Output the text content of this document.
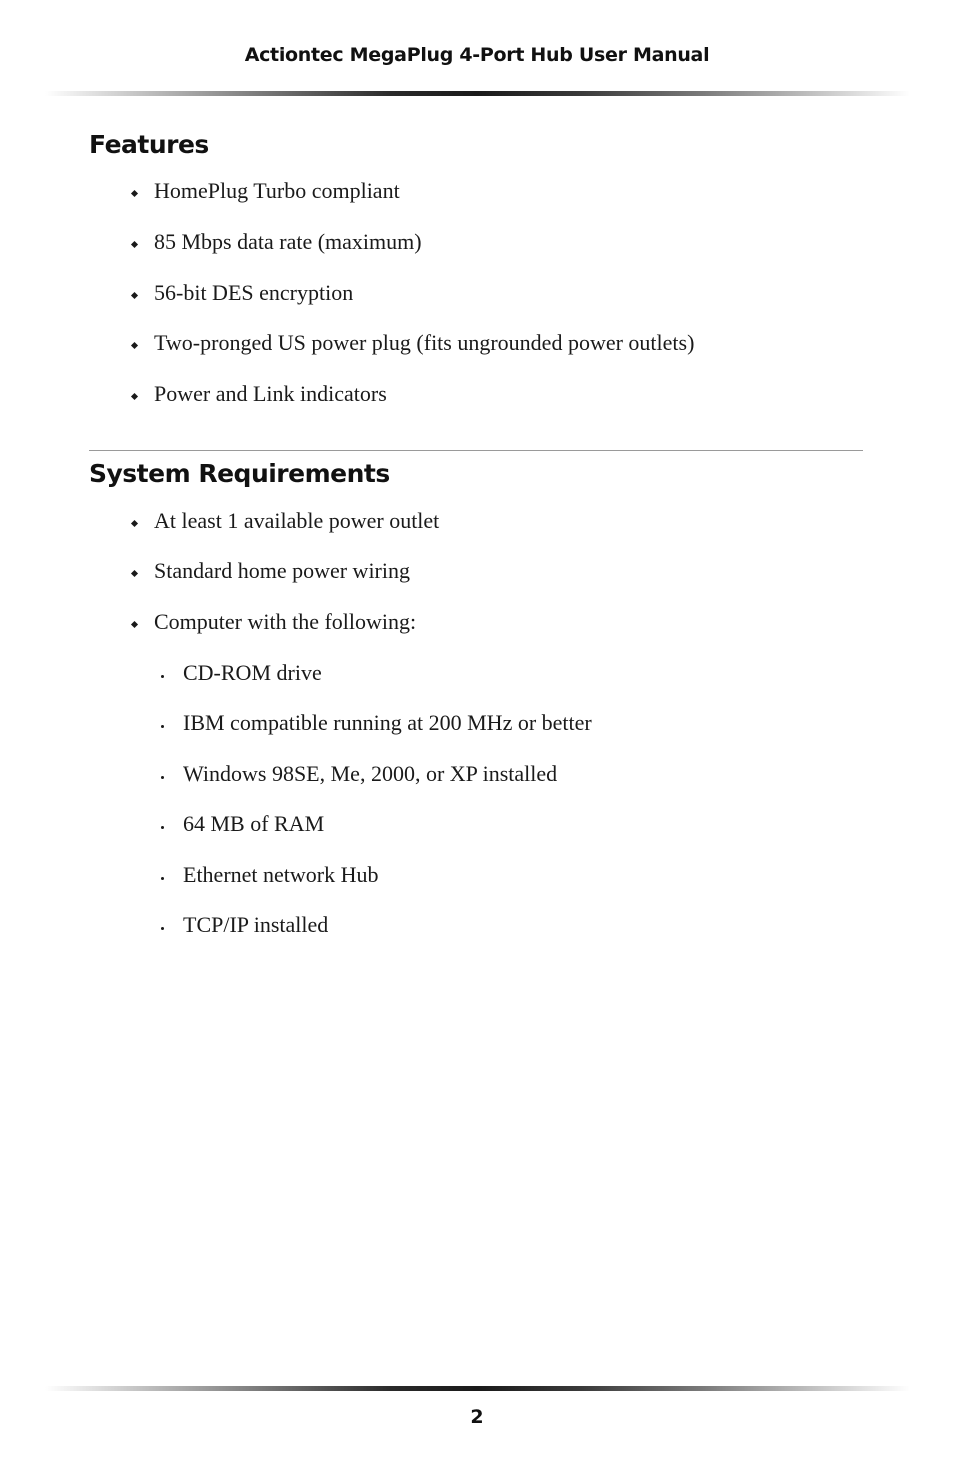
Actiontec MegaPlug 4-Port Hub User Manual
Features
HomePlug Turbo compliant
85 Mbps data rate (maximum)
56-bit DES encryption
Two-pronged US power plug (fits ungrounded power outlets)
Power and Link indicators
System Requirements
At least 1 available power outlet
Standard home power wiring
Computer with the following:
CD-ROM drive
IBM compatible running at 200 MHz or better
Windows 98SE, Me, 2000, or XP installed
64 MB of RAM
Ethernet network Hub
TCP/IP installed
2
